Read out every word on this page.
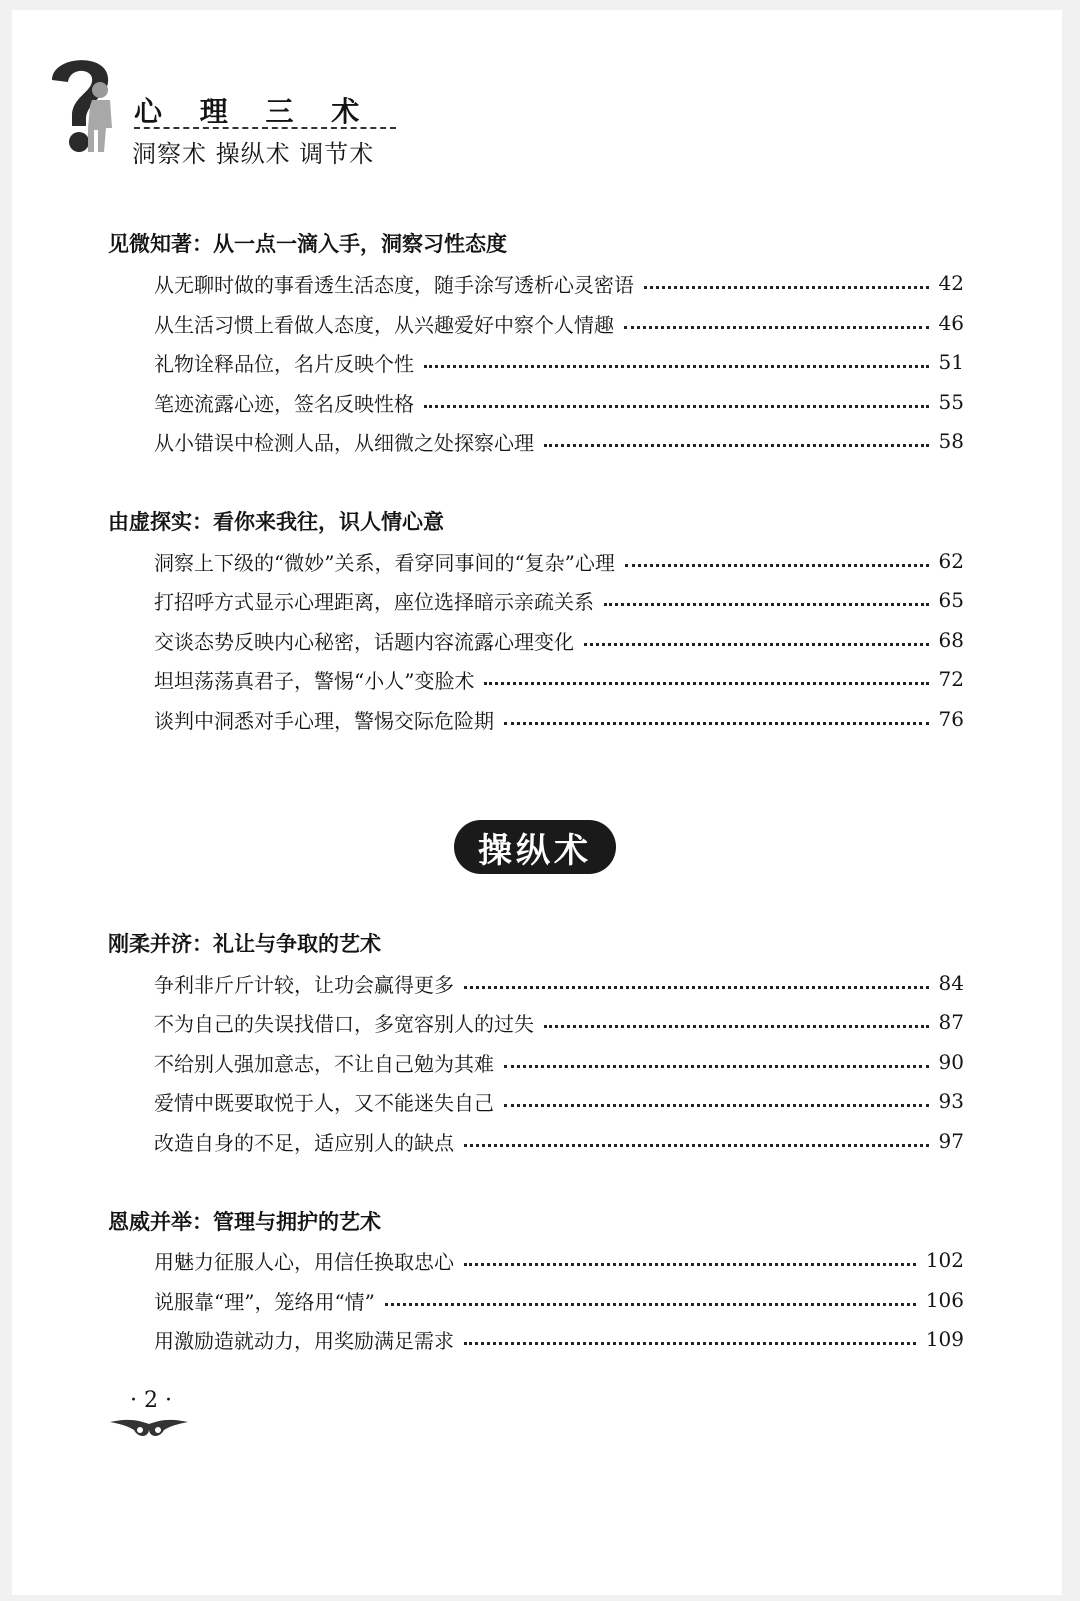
心 理 三 术

洞察术 操纵术 调节术

见微知著：从一点一滴入手，洞察习性态度
从无聊时做的事看透生活态度，随手涂写透析心灵密语	42
从生活习惯上看做人态度，从兴趣爱好中察个人情趣	46
礼物诠释品位，名片反映个性	51
笔迹流露心迹，签名反映性格	55
从小错误中检测人品，从细微之处探察心理	58
由虚探实：看你来我往，识人情心意
洞察上下级的“微妙”关系，看穿同事间的“复杂”心理	62
打招呼方式显示心理距离，座位选择暗示亲疏关系	65
交谈态势反映内心秘密，话题内容流露心理变化	68
坦坦荡荡真君子，警惕“小人”变脸术	72
谈判中洞悉对手心理，警惕交际危险期	76
操纵术
刚柔并济：礼让与争取的艺术
争利非斤斤计较，让功会赢得更多	84
不为自己的失误找借口，多宽容别人的过失	87
不给别人强加意志，不让自己勉为其难	90
爱情中既要取悦于人，又不能迷失自己	93
改造自身的不足，适应别人的缺点	97
恩威并举：管理与拥护的艺术
用魅力征服人心，用信任换取忠心	102
说服靠“理”，笼络用“情”	106
用激励造就动力，用奖励满足需求	109

· 2 ·
